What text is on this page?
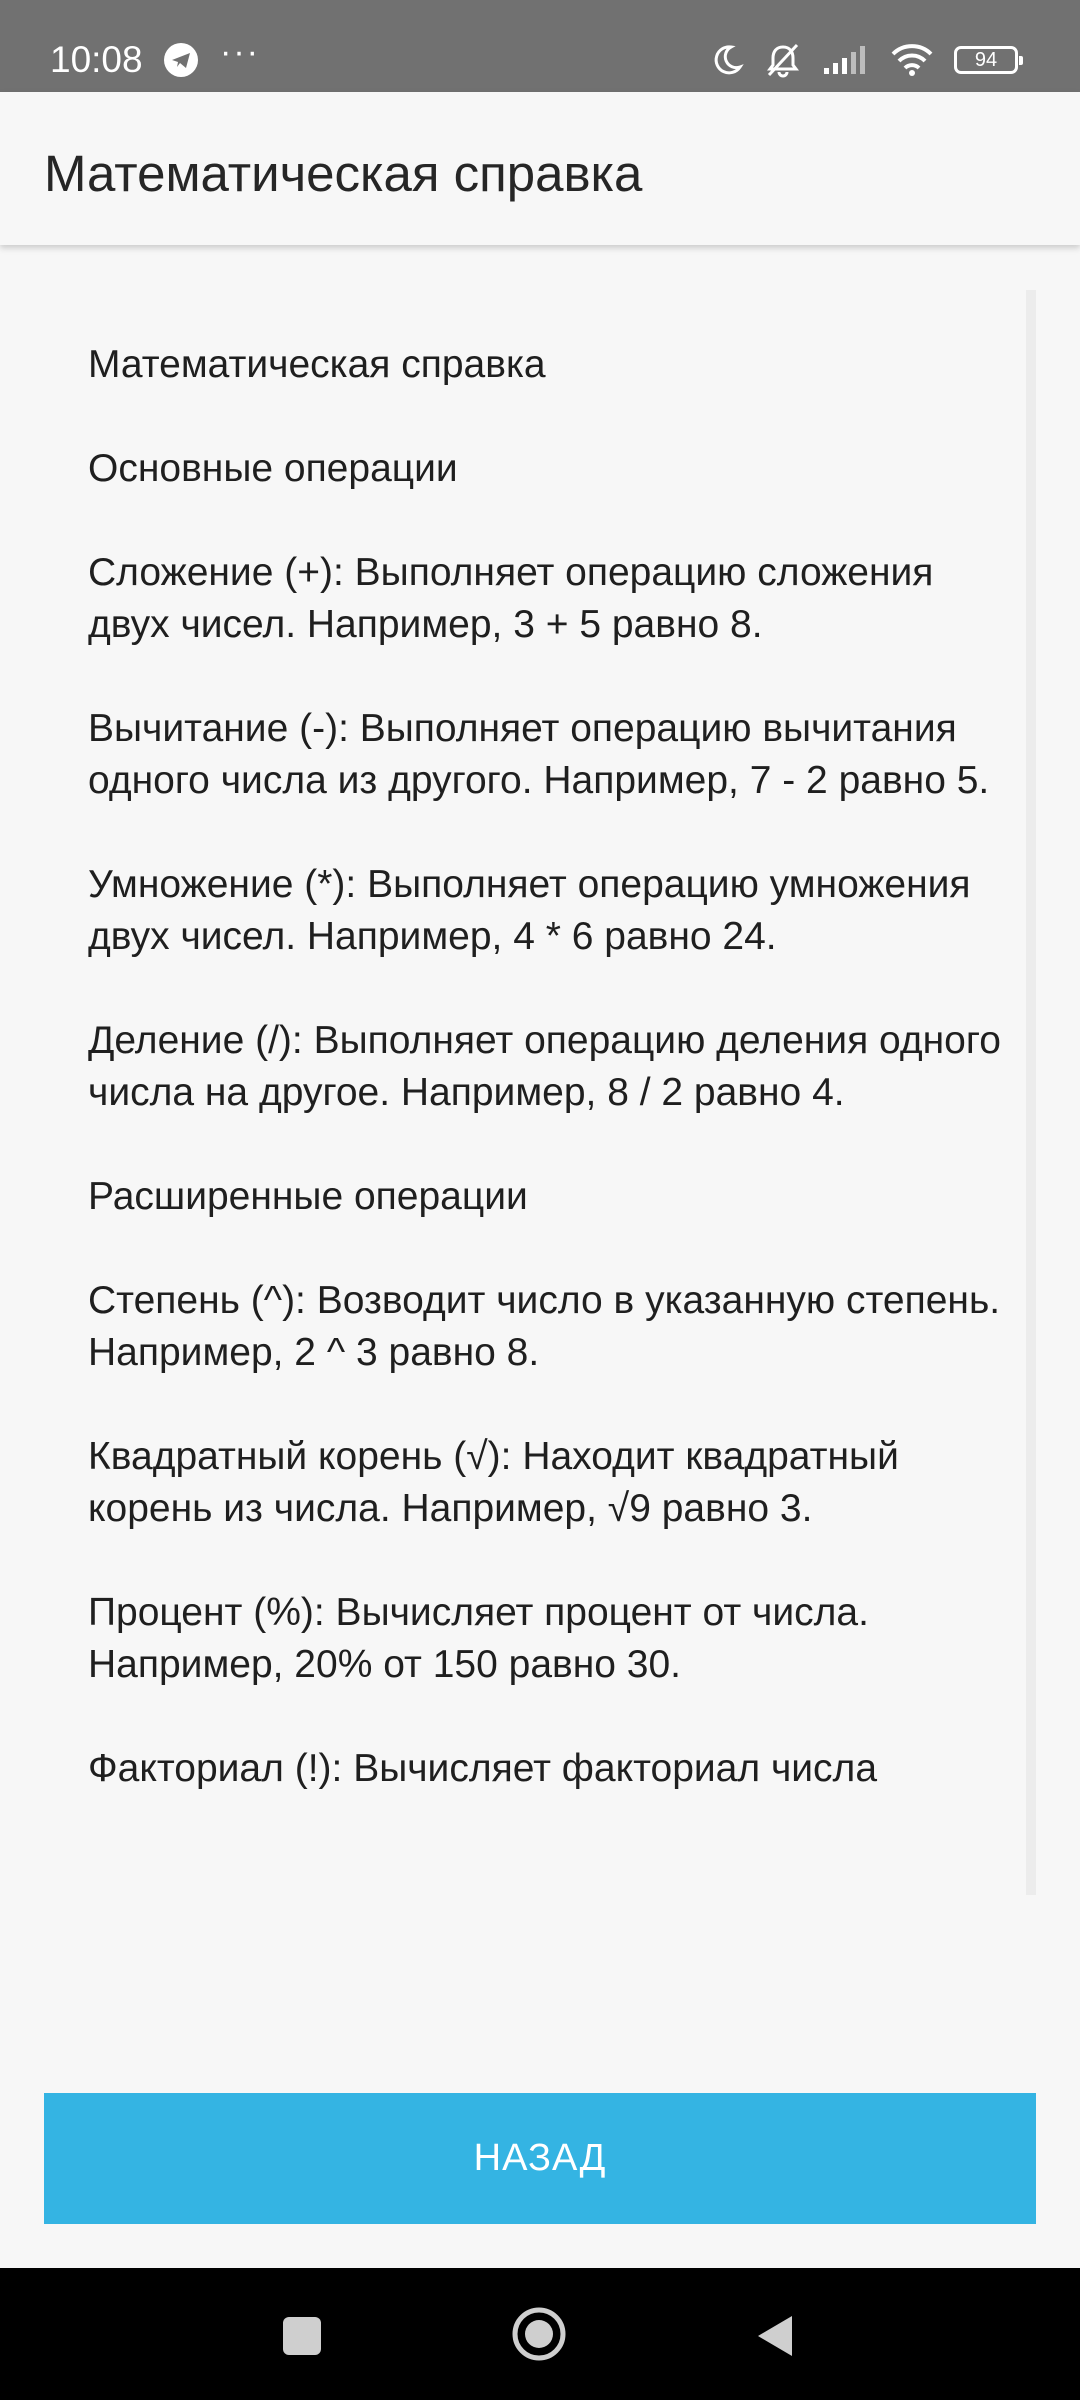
10:08 ···	94
Математическая справка

Математическая справка

Основные операции

Сложение (+): Выполняет операцию сложения двух чисел. Например, 3 + 5 равно 8.

Вычитание (-): Выполняет операцию вычитания одного числа из другого. Например, 7 - 2 равно 5.

Умножение (*): Выполняет операцию умножения двух чисел. Например, 4 * 6 равно 24.

Деление (/): Выполняет операцию деления одного числа на другое. Например, 8 / 2 равно 4.

Расширенные операции

Степень (^): Возводит число в указанную степень. Например, 2 ^ 3 равно 8.

Квадратный корень (√): Находит квадратный корень из числа. Например, √9 равно 3.

Процент (%): Вычисляет процент от числа. Например, 20% от 150 равно 30.

Факториал (!): Вычисляет факториал числа

НАЗАД
